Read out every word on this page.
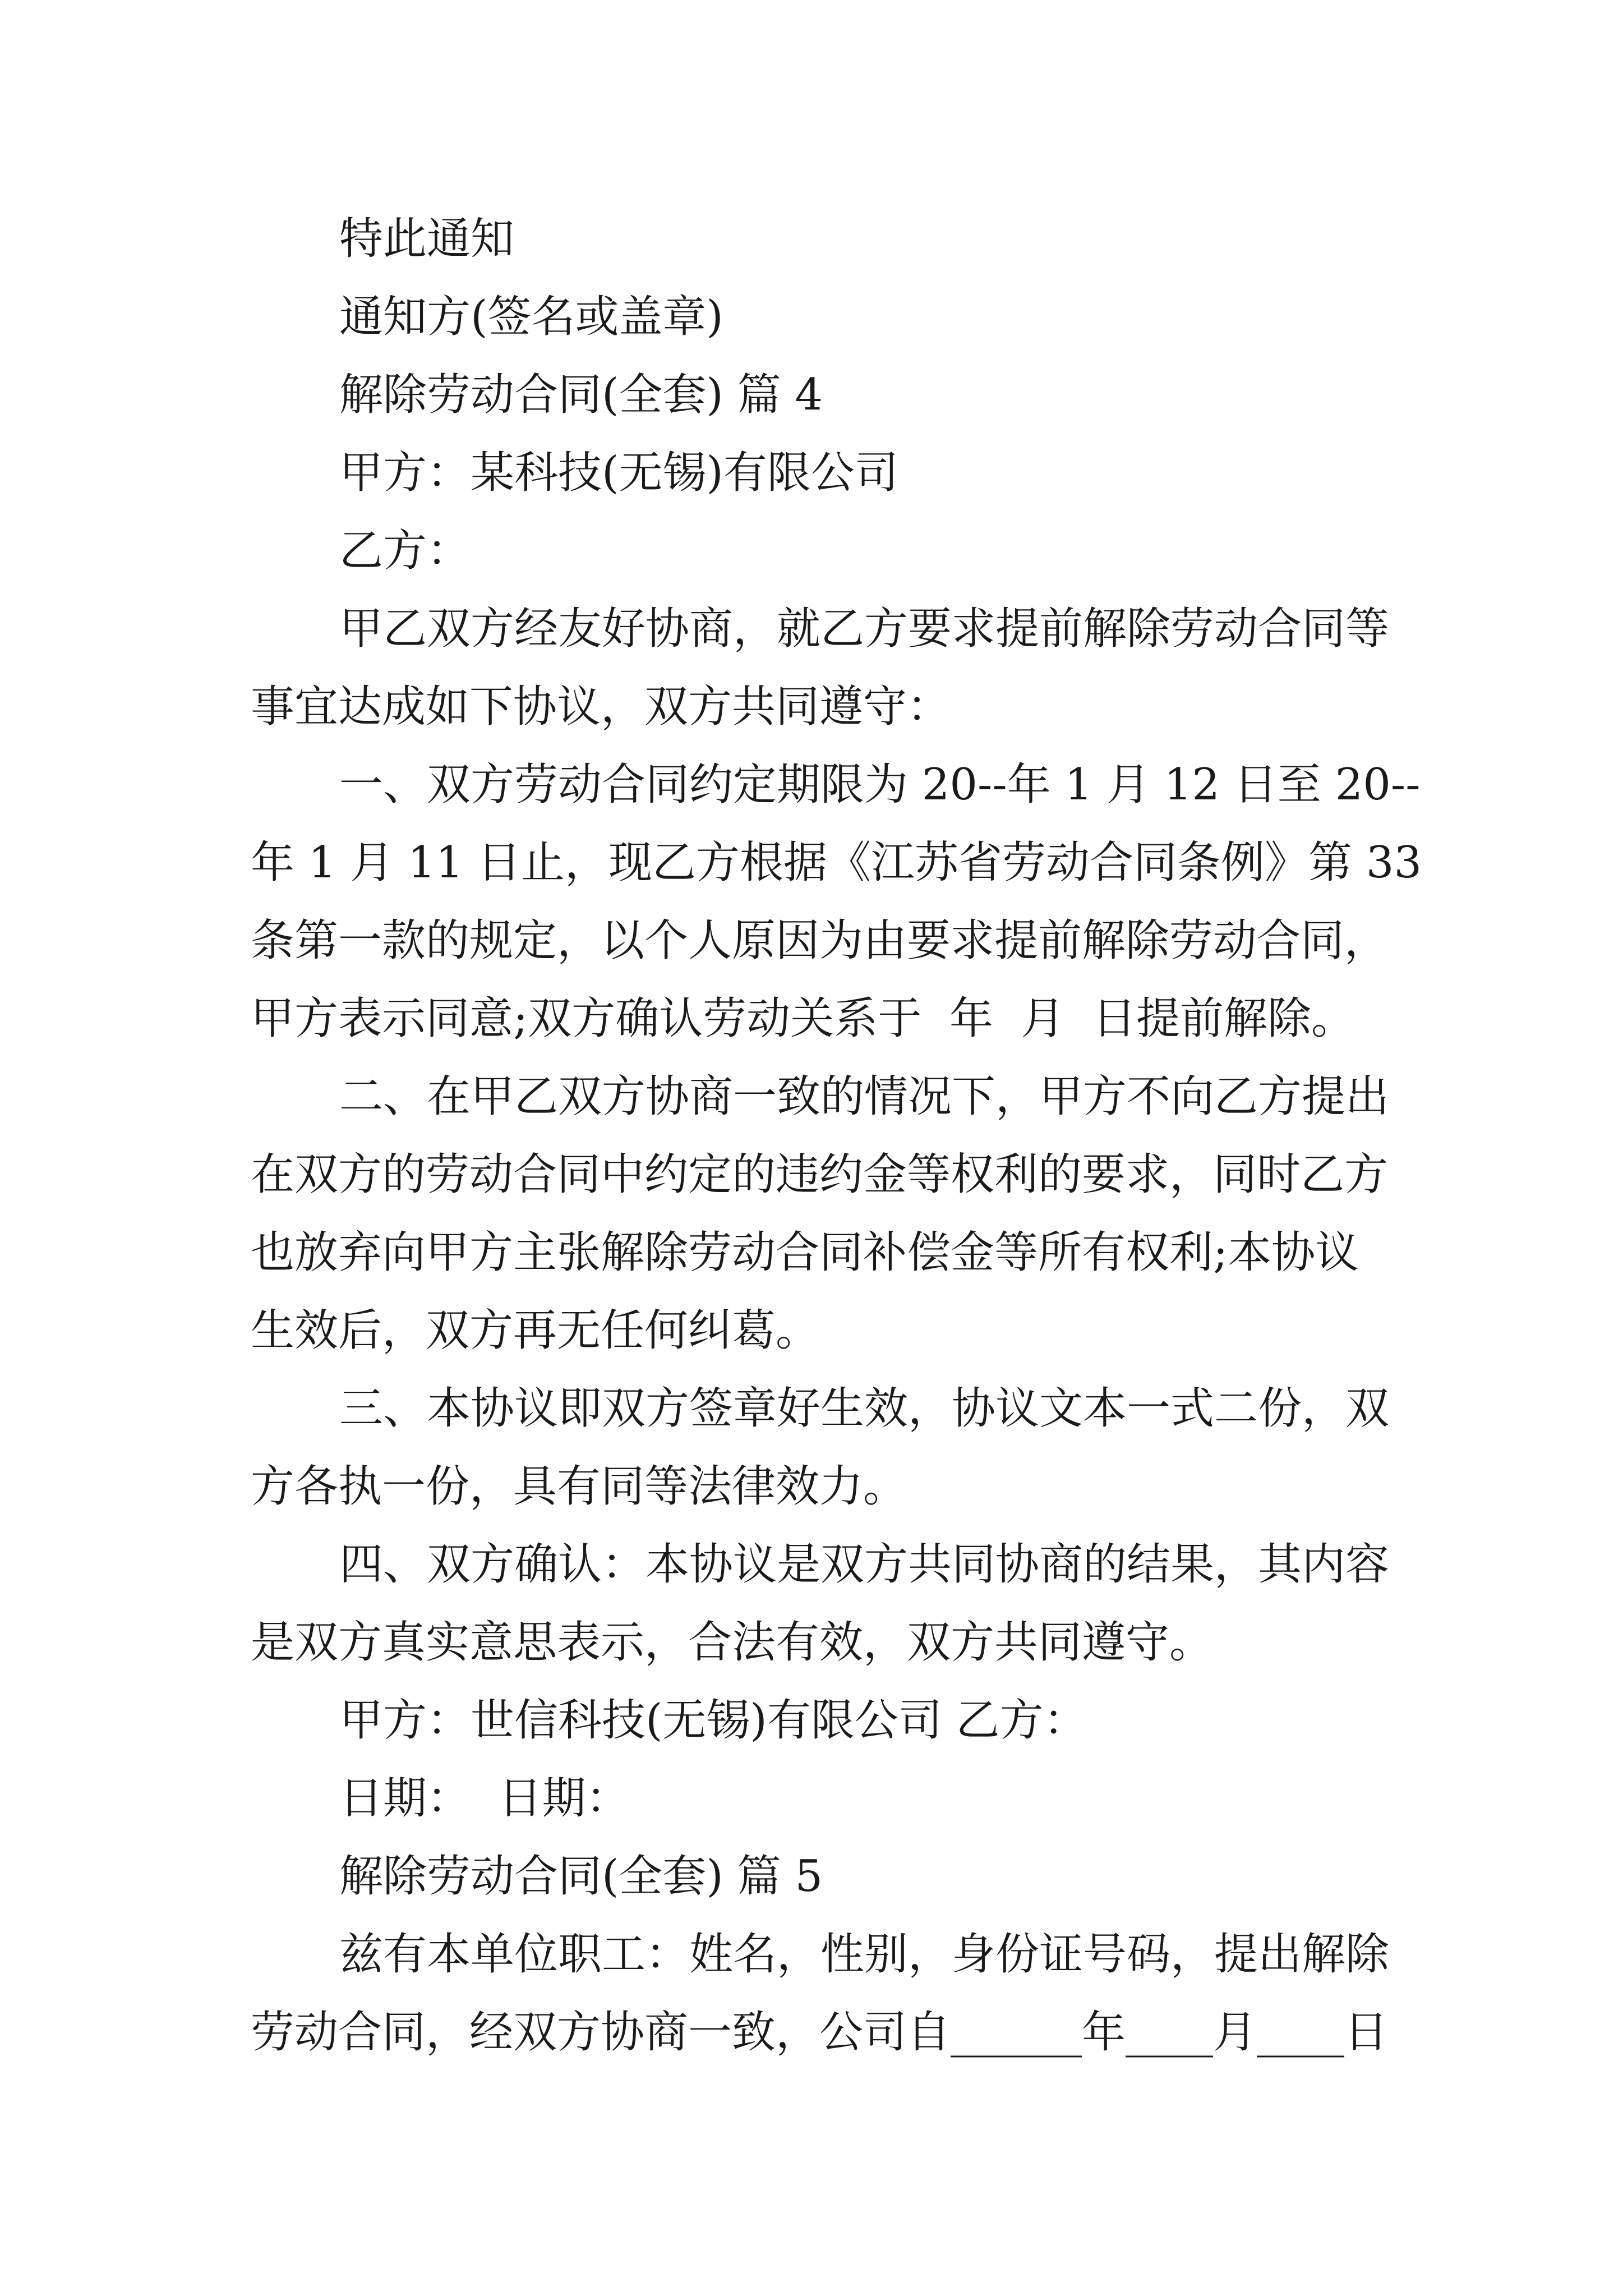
特此通知
通知方(签名或盖章)
解除劳动合同(全套) 篇 4
甲方：某科技(无锡)有限公司
乙方：
甲乙双方经友好协商，就乙方要求提前解除劳动合同等
事宜达成如下协议，双方共同遵守：
一、双方劳动合同约定期限为 20--年 1 月 12 日至 20--
年 1 月 11 日止，现乙方根据《江苏省劳动合同条例》第 33
条第一款的规定，以个人原因为由要求提前解除劳动合同，
甲方表示同意;双方确认劳动关系于  年  月  日提前解除。
二、在甲乙双方协商一致的情况下，甲方不向乙方提出
在双方的劳动合同中约定的违约金等权利的要求，同时乙方
也放弃向甲方主张解除劳动合同补偿金等所有权利;本协议
生效后，双方再无任何纠葛。
三、本协议即双方签章好生效，协议文本一式二份，双
方各执一份，具有同等法律效力。
四、双方确认：本协议是双方共同协商的结果，其内容
是双方真实意思表示，合法有效，双方共同遵守。
甲方：世信科技(无锡)有限公司 乙方：
日期：  日期：
解除劳动合同(全套) 篇 5
兹有本单位职工：姓名，性别，身份证号码，提出解除
劳动合同，经双方协商一致，公司自______年____月____日
